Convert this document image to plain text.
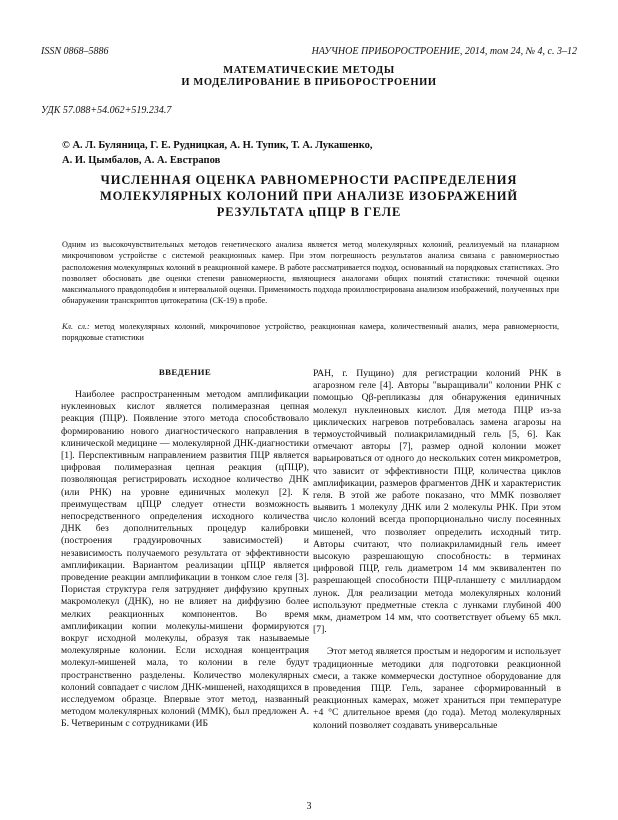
ISSN 0868–5886	НАУЧНОЕ ПРИБОРОСТРОЕНИЕ, 2014, том 24, № 4, с. 3–12
МАТЕМАТИЧЕСКИЕ МЕТОДЫ
И МОДЕЛИРОВАНИЕ В ПРИБОРОСТРОЕНИИ
УДК 57.088+54.062+519.234.7
© А. Л. Буляница, Г. Е. Рудницкая, А. Н. Тупик, Т. А. Лукашенко,
А. И. Цымбалов, А. А. Евстрапов
ЧИСЛЕННАЯ ОЦЕНКА РАВНОМЕРНОСТИ РАСПРЕДЕЛЕНИЯ
МОЛЕКУЛЯРНЫХ КОЛОНИЙ ПРИ АНАЛИЗЕ ИЗОБРАЖЕНИЙ
РЕЗУЛЬТАТА цПЦР В ГЕЛЕ

Одним из высокочувствительных методов генетического анализа является метод молекулярных колоний, реализуемый на планарном микрочиповом устройстве с системой реакционных камер. При этом погрешность результатов анализа связана с равномерностью расположения молекулярных колоний в реакционной камере. В работе рассматривается подход, основанный на порядковых статистиках. Это позволяет обосновать две оценки степени равномерности, являющиеся аналогами общих понятий статистики: точечной оценки максимального правдоподобия и интервальной оценки. Применимость подхода проиллюстрирована анализом изображений, полученных при обнаружении транскриптов цитокератина (СК-19) в пробе.

Кл. сл.: метод молекулярных колоний, микрочиповое устройство, реакционная камера, количественный анализ, мера равномерности, порядковые статистики

ВВЕДЕНИЕ

Наиболее распространенным методом амплификации нуклеиновых кислот является полимеразная цепная реакция (ПЦР). Появление этого метода способствовало формированию нового диагностического направления в клинической медицине — молекулярной ДНК-диагностики [1]. Перспективным направлением развития ПЦР является цифровая полимеразная цепная реакция (цПЦР), позволяющая регистрировать исходное количество ДНК (или РНК) на уровне единичных молекул [2]. К преимуществам цПЦР следует отнести возможность непосредственного определения исходного количества ДНК без дополнительных процедур калибровки (построения градуировочных зависимостей) и независимость получаемого результата от эффективности амплификации. Вариантом реализации цПЦР является проведение реакции амплификации в тонком слое геля [3]. Пористая структура геля затрудняет диффузию крупных макромолекул (ДНК), но не влияет на диффузию более мелких реакционных компонентов. Во время амплификации копии молекулы-мишени формируются вокруг исходной молекулы, образуя так называемые молекулярные колонии. Если исходная концентрация молекул-мишеней мала, то колонии в геле будут пространственно разделены. Количество молекулярных колоний совпадает с числом ДНК-мишеней, находящихся в исследуемом образце. Впервые этот метод, названный методом молекулярных колоний (ММК), был предложен А. Б. Четвериным с сотрудниками (ИБ

РАН, г. Пущино) для регистрации колоний РНК в агарозном геле [4]. Авторы "выращивали" колонии РНК с помощью Qβ-репликазы для обнаружения единичных молекул нуклеиновых кислот. Для метода ПЦР из-за циклических нагревов потребовалась замена агарозы на термоустойчивый полиакриламидный гель [5, 6]. Как отмечают авторы [7], размер одной колонии может варьироваться от одного до нескольких сотен микрометров, что зависит от эффективности ПЦР, количества циклов амплификации, размеров фрагментов ДНК и характеристик геля. В этой же работе показано, что ММК позволяет выявить 1 молекулу ДНК или 2 молекулы РНК. При этом число колоний всегда пропорционально числу посеянных мишеней, что позволяет определить исходный титр. Авторы считают, что полиакриламидный гель имеет высокую разрешающую способность: в терминах цифровой ПЦР, гель диаметром 14 мм эквивалентен по разрешающей способности ПЦР-планшету с миллиардом лунок. Для реализации метода молекулярных колоний используют предметные стекла с лунками глубиной 400 мкм, диаметром 14 мм, что соответствует объему 65 мкл. [7].

Этот метод является простым и недорогим и использует традиционные методики для подготовки реакционной смеси, а также коммерчески доступное оборудование для проведения ПЦР. Гель, заранее сформированный в реакционных камерах, может храниться при температуре +4 °С длительное время (до года). Метод молекулярных колоний позволяет создавать универсальные

3
